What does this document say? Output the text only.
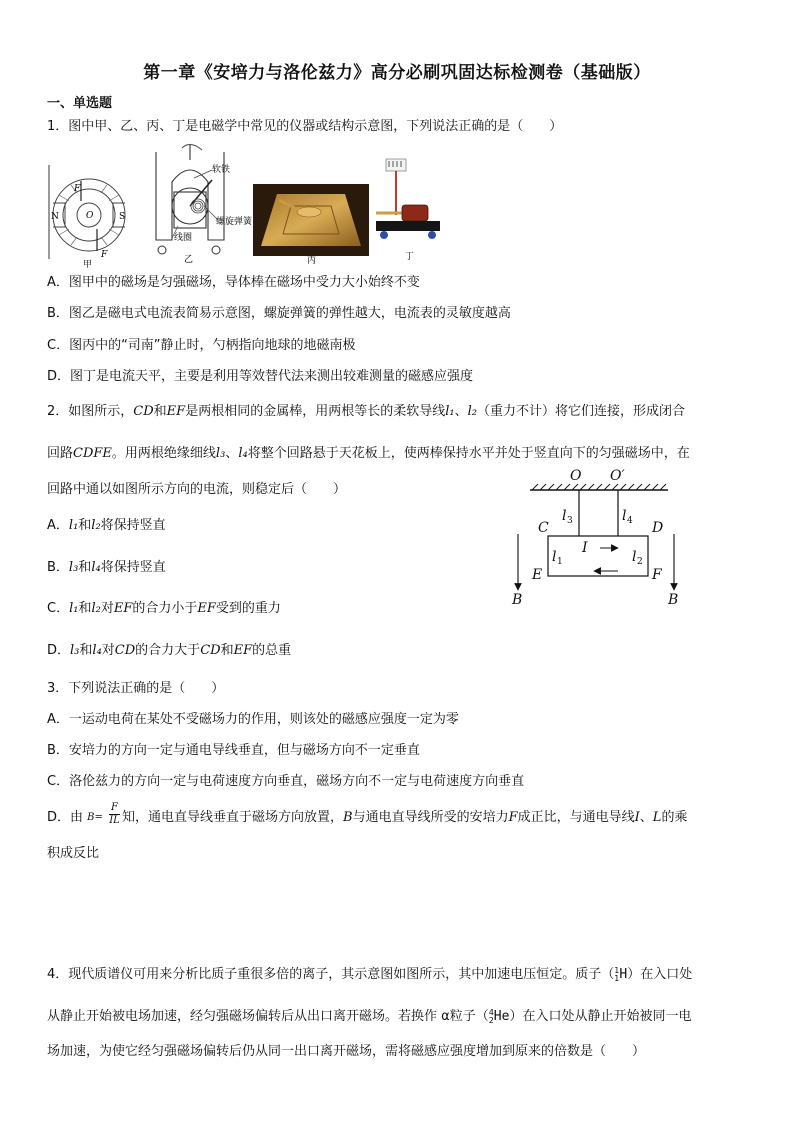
第一章《安培力与洛伦兹力》高分必刷巩固达标检测卷（基础版）
一、单选题
1．图中甲、乙、丙、丁是电磁学中常见的仪器或结构示意图，下列说法正确的是（　　）
N	S
O
F
F
甲
软铁
螺旋弹簧
线圈
乙	丙	丁
A．图甲中的磁场是匀强磁场，导体棒在磁场中受力大小始终不变
B．图乙是磁电式电流表简易示意图，螺旋弹簧的弹性越大，电流表的灵敏度越高
C．图丙中的“司南”静止时，勺柄指向地球的地磁南极
D．图丁是电流天平，主要是利用等效替代法来测出较难测量的磁感应强度
2．如图所示，CD和EF是两根相同的金属棒，用两根等长的柔软导线l₁、l₂（重力不计）将它们连接，形成闭合
回路CDFE。用两根绝缘细线l₃、l₄将整个回路悬于天花板上，使两棒保持水平并处于竖直向下的匀强磁场中，在
回路中通以如图所示方向的电流，则稳定后（　　）
A．l₁和l₂将保持竖直
B．l₃和l₄将保持竖直
C．l₁和l₂对EF的合力小于EF受到的重力
D．l₃和l₄对CD的合力大于CD和EF的总重
O O′
C	D
E	F
I
B	B
l	l
l	l
3	4
1	2
3．下列说法正确的是（　　）
A．一运动电荷在某处不受磁场力的作用，则该处的磁感应强度一定为零
B．安培力的方向一定与通电导线垂直，但与磁场方向不一定垂直
C．洛伦兹力的方向一定与电荷速度方向垂直，磁场方向不一定与电荷速度方向垂直
D．由 $B= \frac{F}{IL}$ 知，通电直导线垂直于磁场方向放置，B与通电直导线所受的安培力F成正比，与通电导线I、L的乘
积成反比
4．现代质谱仪可用来分析比质子重很多倍的离子，其示意图如图所示，其中加速电压恒定。质子（ 1
1 H）在入口处
从静止开始被电场加速，经匀强磁场偏转后从出口离开磁场。若换作 α粒子（ 4
2 He）在入口处从静止开始被同一电
场加速，为使它经匀强磁场偏转后仍从同一出口离开磁场，需将磁感应强度增加到原来的倍数是（　　）
